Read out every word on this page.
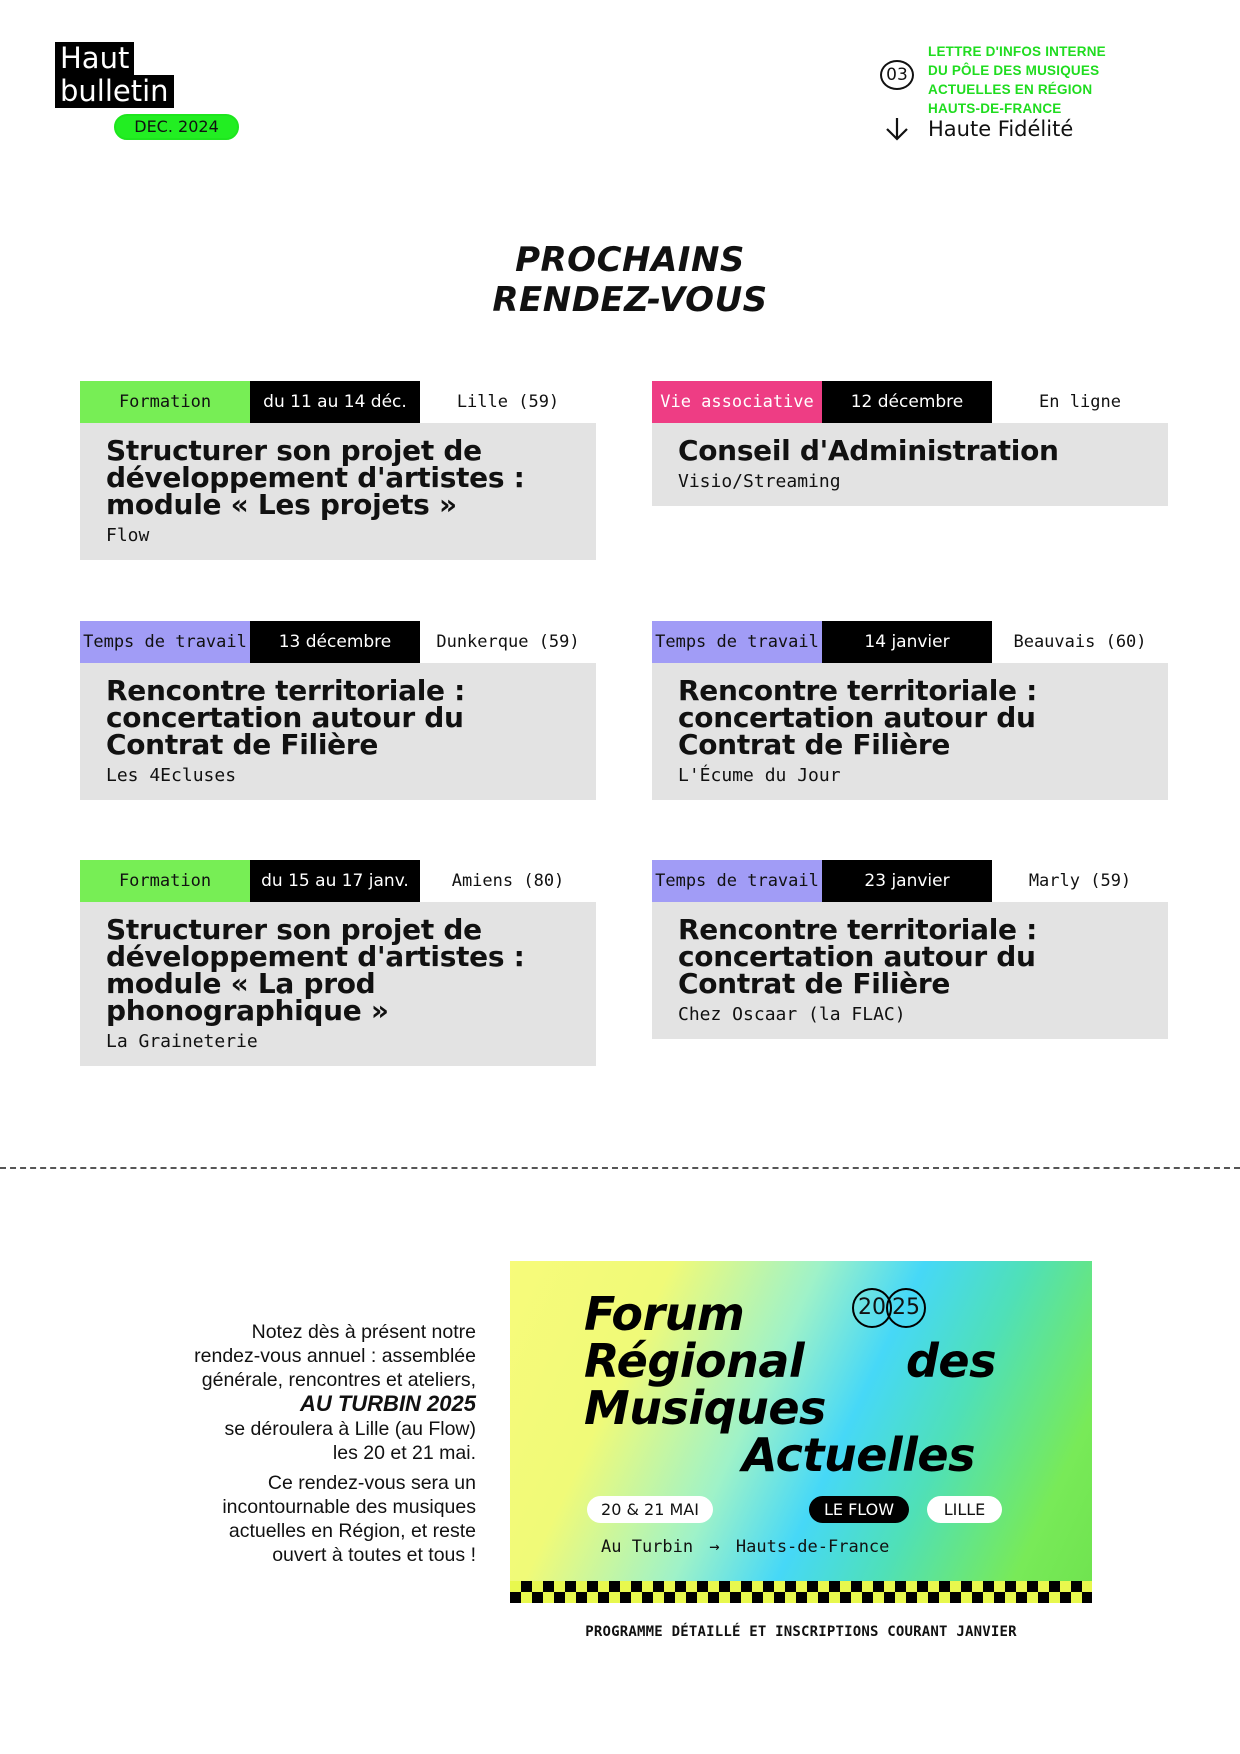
Haut
bulletin
DEC. 2024
03
LETTRE D'INFOS INTERNE
DU PÔLE DES MUSIQUES
ACTUELLES EN RÉGION
HAUTS-DE-FRANCE
Haute Fidélité
PROCHAINS
RENDEZ-VOUS
Formation	du 11 au 14 déc.	Lille (59)
Structurer son projet de
développement d'artistes :
module « Les projets »
Flow
Vie associative	12 décembre	En ligne
Conseil d'Administration
Visio/Streaming
Temps de travail	13 décembre	Dunkerque (59)
Rencontre territoriale :
concertation autour du
Contrat de Filière
Les 4Ecluses
Temps de travail	14 janvier	Beauvais (60)
Rencontre territoriale :
concertation autour du
Contrat de Filière
L'Écume du Jour
Formation	du 15 au 17 janv.	Amiens (80)
Structurer son projet de
développement d'artistes :
module « La prod
phonographique »
La Graineterie
Temps de travail	23 janvier	Marly (59)
Rencontre territoriale :
concertation autour du
Contrat de Filière
Chez Oscaar (la FLAC)

Notez dès à présent notre
rendez-vous annuel : assemblée
générale, rencontres et ateliers,
AU TURBIN 2025
se déroulera à Lille (au Flow)
les 20 et 21 mai.

Ce rendez-vous sera un
incontournable des musiques
actuelles en Région, et reste
ouvert à toutes et tous !

Forum
Régional
Musiques
des
Actuelles
20 25
20 & 21 MAI	LE FLOW	LILLE
Au Turbin → Hauts-de-France
PROGRAMME DÉTAILLÉ ET INSCRIPTIONS COURANT JANVIER
